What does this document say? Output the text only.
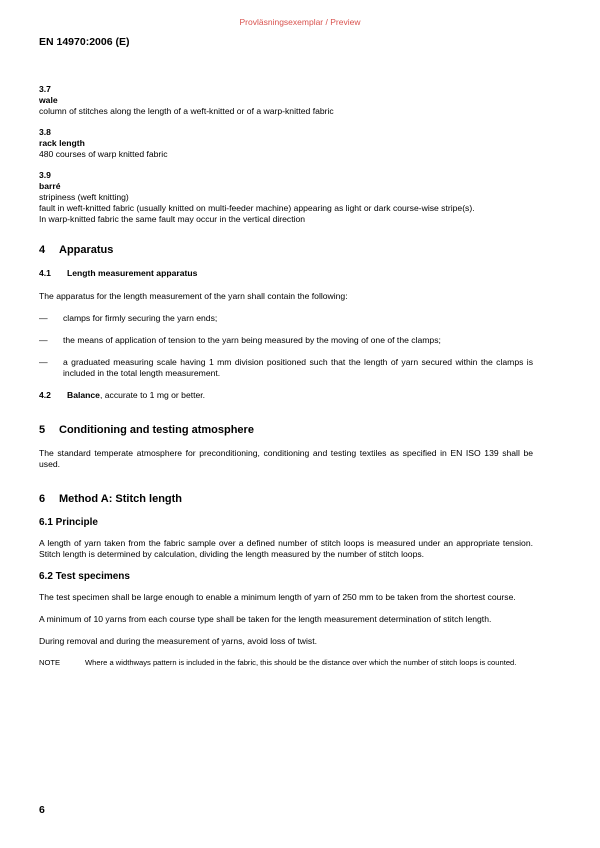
Provläsningsexemplar / Preview
EN 14970:2006 (E)
3.7
wale
column of stitches along the length of a weft-knitted or of a warp-knitted fabric
3.8
rack length
480 courses of warp knitted fabric
3.9
barré
stripiness (weft knitting)
fault in weft-knitted fabric (usually knitted on multi-feeder machine) appearing as light or dark course-wise stripe(s).
In warp-knitted fabric the same fault may occur in the vertical direction
4 Apparatus
4.1 Length measurement apparatus

The apparatus for the length measurement of the yarn shall contain the following:

—	clamps for firmly securing the yarn ends;
—	the means of application of tension to the yarn being measured by the moving of one of the clamps;
—	a graduated measuring scale having 1 mm division positioned such that the length of yarn secured within the clamps is included in the total length measurement.

4.2 Balance, accurate to 1 mg or better.

5 Conditioning and testing atmosphere

The standard temperate atmosphere for preconditioning, conditioning and testing textiles as specified in EN ISO 139 shall be used.

6 Method A: Stitch length
6.1 Principle

A length of yarn taken from the fabric sample over a defined number of stitch loops is measured under an appropriate tension. Stitch length is determined by calculation, dividing the length measured by the number of stitch loops.

6.2 Test specimens

The test specimen shall be large enough to enable a minimum length of yarn of 250 mm to be taken from the shortest course.

A minimum of 10 yarns from each course type shall be taken for the length measurement determination of stitch length.

During removal and during the measurement of yarns, avoid loss of twist.

NOTE	Where a widthways pattern is included in the fabric, this should be the distance over which the number of stitch loops is counted.
6
